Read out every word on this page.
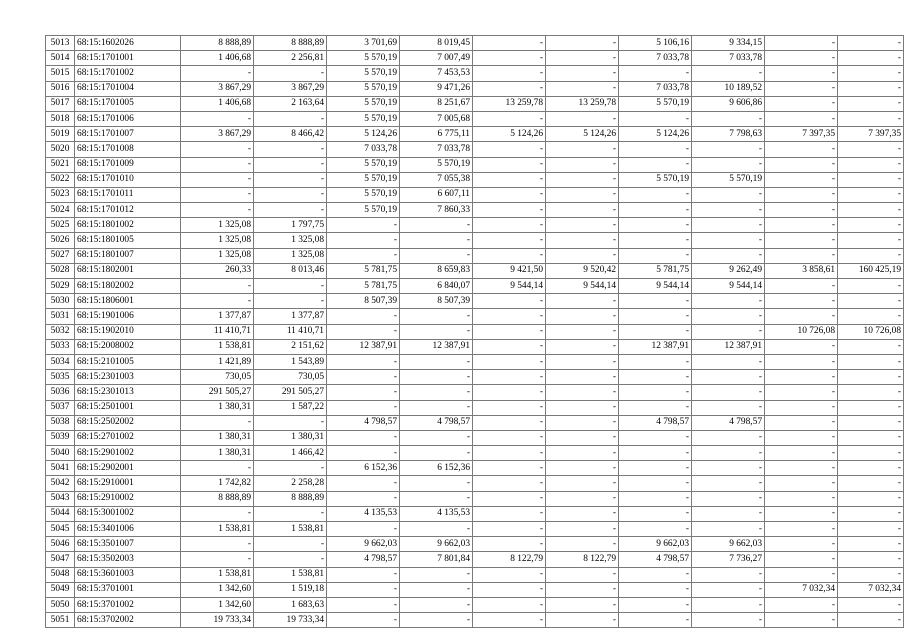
5013	68:15:1602026	8 888,89	8 888,89	3 701,69	8 019,45	-	-	5 106,16	9 334,15	-	-
5014	68:15:1701001	1 406,68	2 256,81	5 570,19	7 007,49	-	-	7 033,78	7 033,78	-	-
5015	68:15:1701002	-	-	5 570,19	7 453,53	-	-	-	-	-	-
5016	68:15:1701004	3 867,29	3 867,29	5 570,19	9 471,26	-	-	7 033,78	10 189,52	-	-
5017	68:15:1701005	1 406,68	2 163,64	5 570,19	8 251,67	13 259,78	13 259,78	5 570,19	9 606,86	-	-
5018	68:15:1701006	-	-	5 570,19	7 005,68	-	-	-	-	-	-
5019	68:15:1701007	3 867,29	8 466,42	5 124,26	6 775,11	5 124,26	5 124,26	5 124,26	7 798,63	7 397,35	7 397,35
5020	68:15:1701008	-	-	7 033,78	7 033,78	-	-	-	-	-	-
5021	68:15:1701009	-	-	5 570,19	5 570,19	-	-	-	-	-	-
5022	68:15:1701010	-	-	5 570,19	7 055,38	-	-	5 570,19	5 570,19	-	-
5023	68:15:1701011	-	-	5 570,19	6 607,11	-	-	-	-	-	-
5024	68:15:1701012	-	-	5 570,19	7 860,33	-	-	-	-	-	-
5025	68:15:1801002	1 325,08	1 797,75	-	-	-	-	-	-	-	-
5026	68:15:1801005	1 325,08	1 325,08	-	-	-	-	-	-	-	-
5027	68:15:1801007	1 325,08	1 325,08	-	-	-	-	-	-	-	-
5028	68:15:1802001	260,33	8 013,46	5 781,75	8 659,83	9 421,50	9 520,42	5 781,75	9 262,49	3 858,61	160 425,19
5029	68:15:1802002	-	-	5 781,75	6 840,07	9 544,14	9 544,14	9 544,14	9 544,14	-	-
5030	68:15:1806001	-	-	8 507,39	8 507,39	-	-	-	-	-	-
5031	68:15:1901006	1 377,87	1 377,87	-	-	-	-	-	-	-	-
5032	68:15:1902010	11 410,71	11 410,71	-	-	-	-	-	-	10 726,08	10 726,08
5033	68:15:2008002	1 538,81	2 151,62	12 387,91	12 387,91	-	-	12 387,91	12 387,91	-	-
5034	68:15:2101005	1 421,89	1 543,89	-	-	-	-	-	-	-	-
5035	68:15:2301003	730,05	730,05	-	-	-	-	-	-	-	-
5036	68:15:2301013	291 505,27	291 505,27	-	-	-	-	-	-	-	-
5037	68:15:2501001	1 380,31	1 587,22	-	-	-	-	-	-	-	-
5038	68:15:2502002	-	-	4 798,57	4 798,57	-	-	4 798,57	4 798,57	-	-
5039	68:15:2701002	1 380,31	1 380,31	-	-	-	-	-	-	-	-
5040	68:15:2901002	1 380,31	1 466,42	-	-	-	-	-	-	-	-
5041	68:15:2902001	-	-	6 152,36	6 152,36	-	-	-	-	-	-
5042	68:15:2910001	1 742,82	2 258,28	-	-	-	-	-	-	-	-
5043	68:15:2910002	8 888,89	8 888,89	-	-	-	-	-	-	-	-
5044	68:15:3001002	-	-	4 135,53	4 135,53	-	-	-	-	-	-
5045	68:15:3401006	1 538,81	1 538,81	-	-	-	-	-	-	-	-
5046	68:15:3501007	-	-	9 662,03	9 662,03	-	-	9 662,03	9 662,03	-	-
5047	68:15:3502003	-	-	4 798,57	7 801,84	8 122,79	8 122,79	4 798,57	7 736,27	-	-
5048	68:15:3601003	1 538,81	1 538,81	-	-	-	-	-	-	-	-
5049	68:15:3701001	1 342,60	1 519,18	-	-	-	-	-	-	7 032,34	7 032,34
5050	68:15:3701002	1 342,60	1 683,63	-	-	-	-	-	-	-	-
5051	68:15:3702002	19 733,34	19 733,34	-	-	-	-	-	-	-	-
